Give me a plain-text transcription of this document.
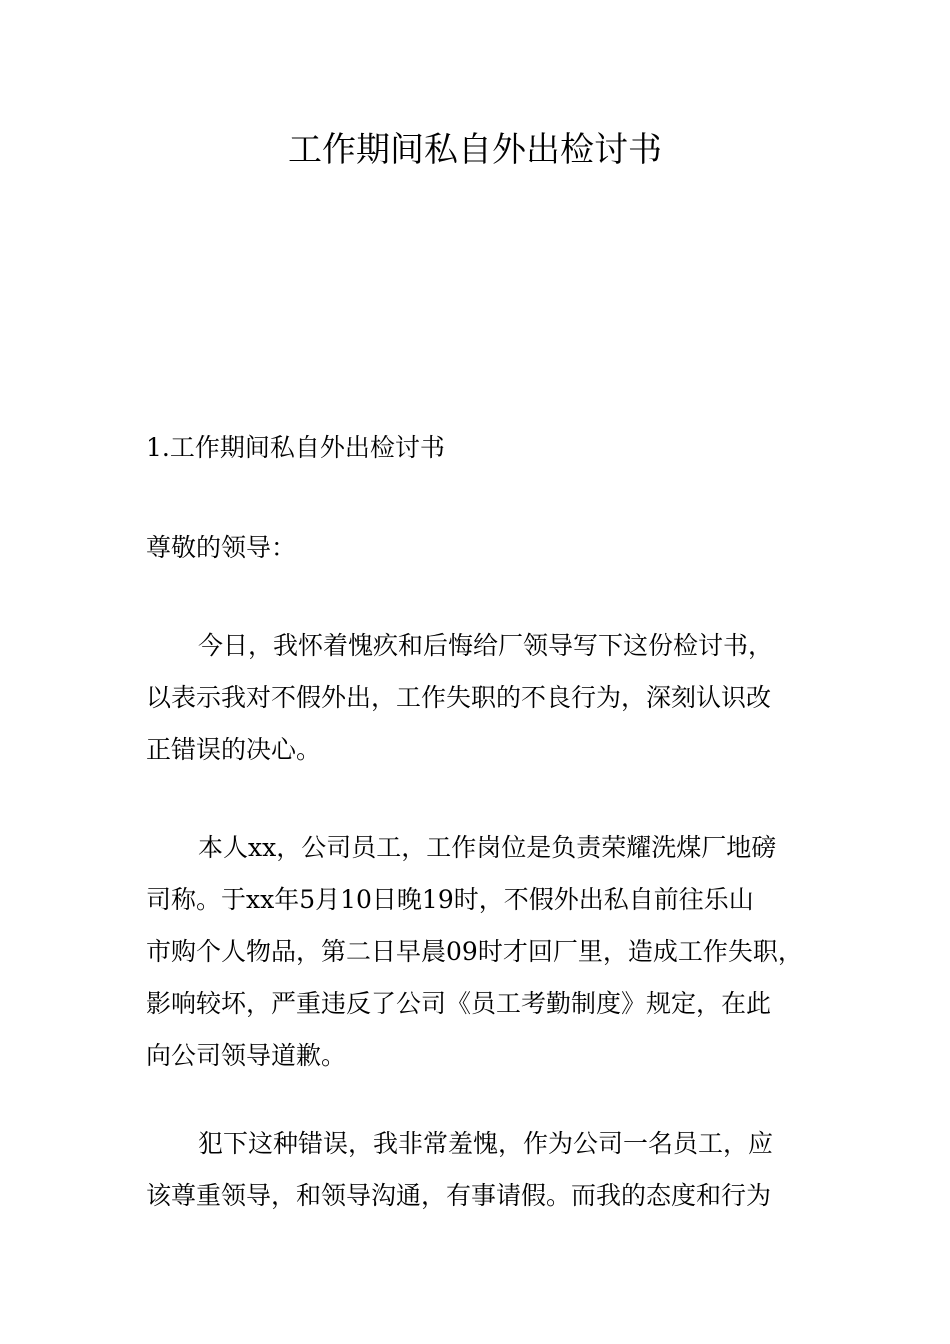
工作期间私自外出检讨书
1.工作期间私自外出检讨书
尊敬的领导：
今日，我怀着愧疚和后悔给厂领导写下这份检讨书，
以表示我对不假外出，工作失职的不良行为，深刻认识改
正错误的决心。
本人xx，公司员工，工作岗位是负责荣耀洗煤厂地磅
司称。于xx年5月10日晚19时，不假外出私自前往乐山
市购个人物品，第二日早晨09时才回厂里，造成工作失职，
影响较坏，严重违反了公司《员工考勤制度》规定，在此
向公司领导道歉。
犯下这种错误，我非常羞愧，作为公司一名员工，应
该尊重领导，和领导沟通，有事请假。而我的态度和行为
